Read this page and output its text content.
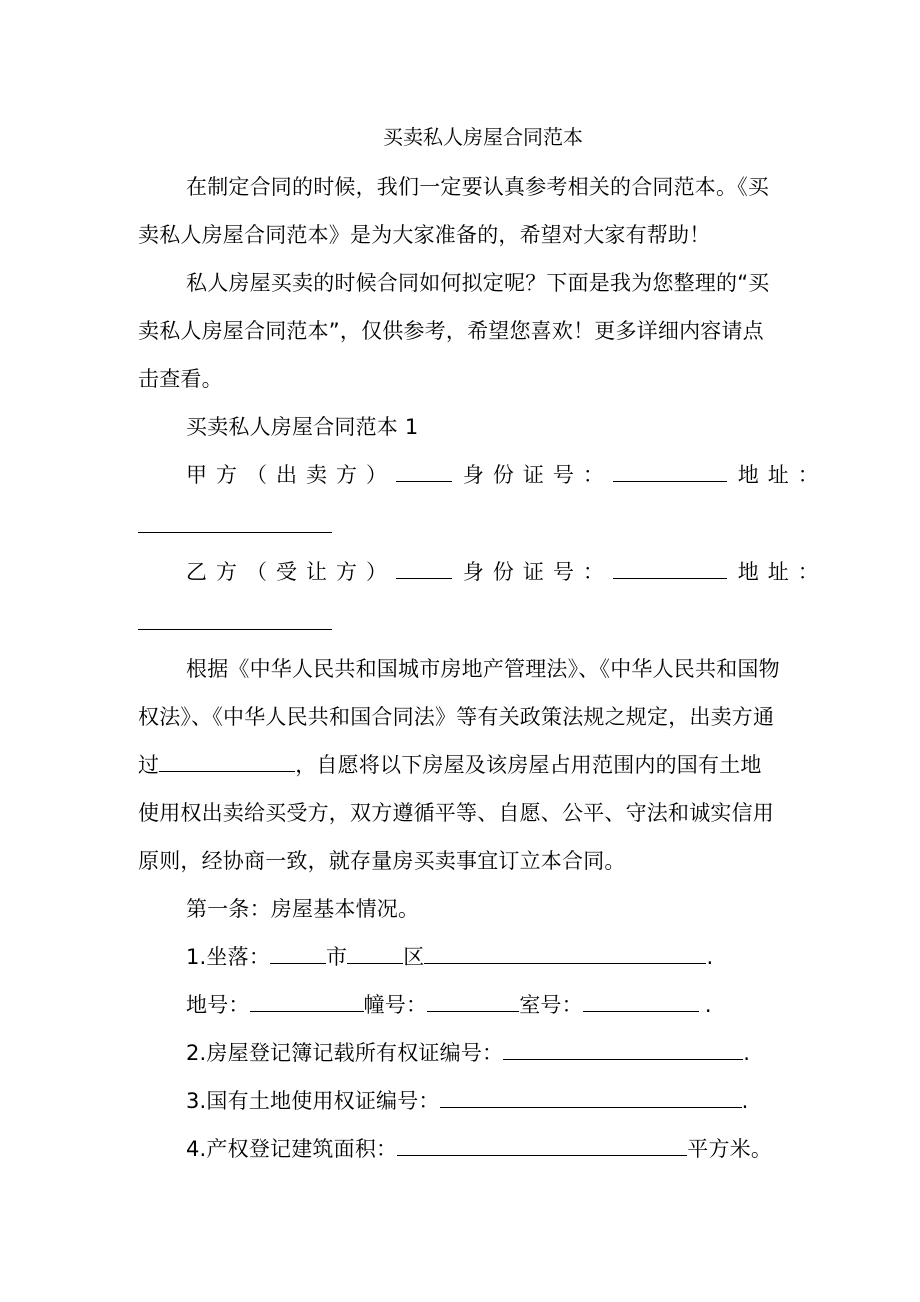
买卖私人房屋合同范本
在制定合同的时候，我们一定要认真参考相关的合同范本。《买
卖私人房屋合同范本》是为大家准备的，希望对大家有帮助！
私人房屋买卖的时候合同如何拟定呢？下面是我为您整理的“买
卖私人房屋合同范本”，仅供参考，希望您喜欢！更多详细内容请点
击查看。
买卖私人房屋合同范本 1
甲方（出卖方）	身份证号：	地址：
乙方（受让方）	身份证号：	地址：
根据《中华人民共和国城市房地产管理法》、《中华人民共和国物
权法》、《中华人民共和国合同法》等有关政策法规之规定，出卖方通
过	，自愿将以下房屋及该房屋占用范围内的国有土地
使用权出卖给买受方，双方遵循平等、自愿、公平、守法和诚实信用
原则，经协商一致，就存量房买卖事宜订立本合同。
第一条：房屋基本情况。
1.坐落：	市	区	.
地号：	幢号：	室号：	.
2.房屋登记簿记载所有权证编号：	.
3.国有土地使用权证编号：	.
4.产权登记建筑面积：	平方米。
